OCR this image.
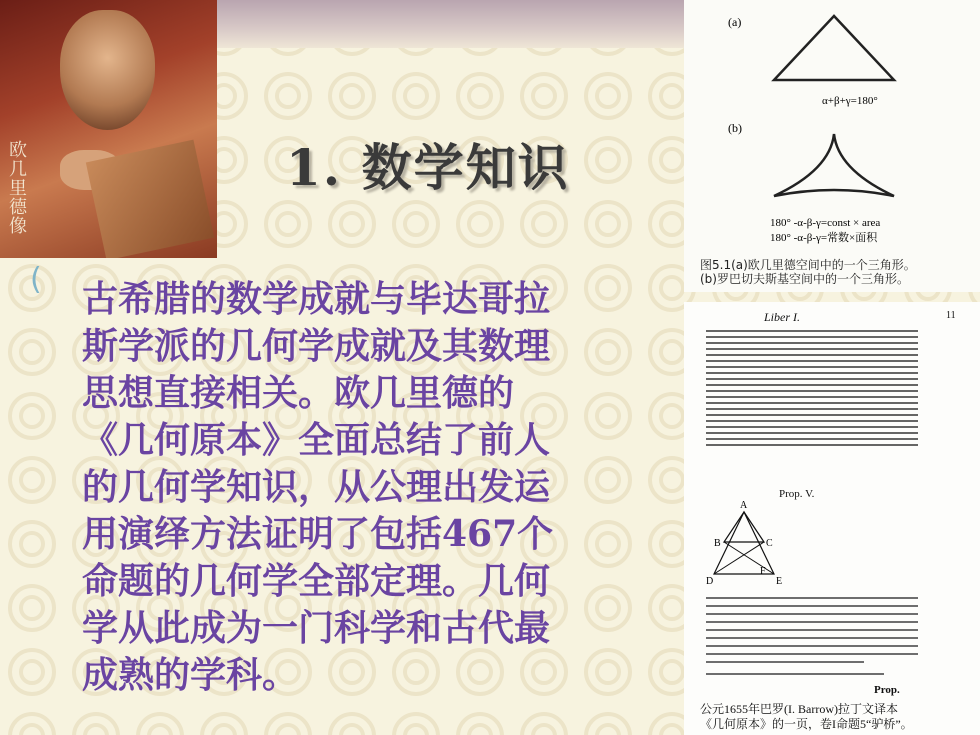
欧几里德像	1. 数学知识
( 古希腊的数学成就与毕达哥拉
斯学派的几何学成就及其数理
思想直接相关。欧几里德的
《几何原本》全面总结了前人
的几何学知识，从公理出发运
用演绎方法证明了包括467个
命题的几何学全部定理。几何
学从此成为一门科学和古代最
成熟的学科。
(a)
α+β+γ=180°
(b)
180° -α-β-γ=const × area
180° -α-β-γ=常数×面积
图5.1(a)欧几里德空间中的一个三角形。
(b)罗巴切夫斯基空间中的一个三角形。
Liber I.	11
Prop. V.
A
B	C
D	E
F
Prop.
公元1655年巴罗(I. Barrow)拉丁文译本
《几何原本》的一页，卷I命题5“驴桥”。
